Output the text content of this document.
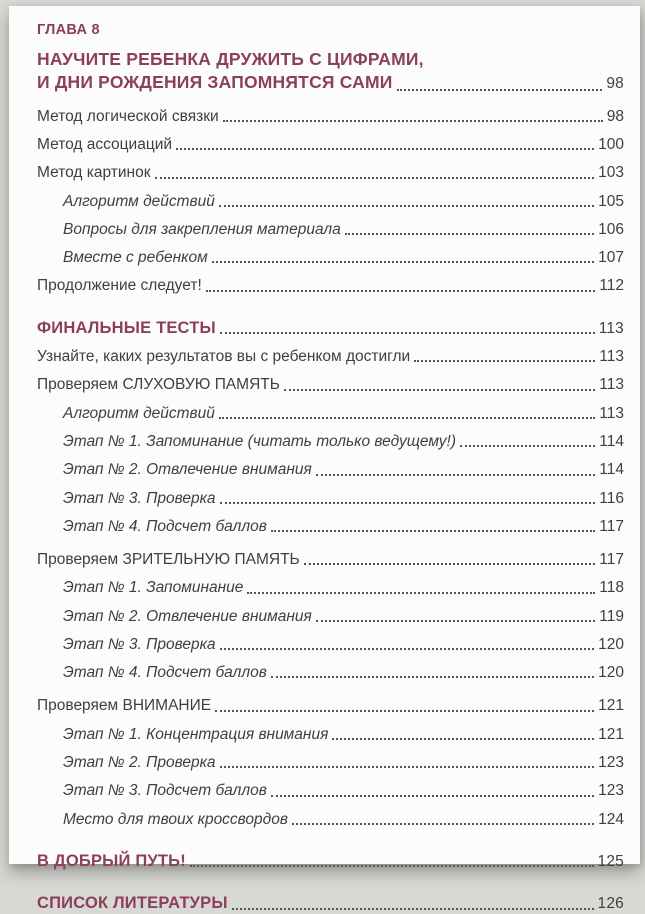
ГЛАВА 8
НАУЧИТЕ РЕБЕНКА ДРУЖИТЬ С ЦИФРАМИ,
И ДНИ РОЖДЕНИЯ ЗАПОМНЯТСЯ САМИ	98
Метод логической связки	98
Метод ассоциаций	100
Метод картинок	103
Алгоритм действий	105
Вопросы для закрепления материала	106
Вместе с ребенком	107
Продолжение следует!	112
ФИНАЛЬНЫЕ ТЕСТЫ	113
Узнайте, каких результатов вы с ребенком достигли	113
Проверяем СЛУХОВУЮ ПАМЯТЬ	113
Алгоритм действий	113
Этап № 1. Запоминание (читать только ведущему!)	114
Этап № 2. Отвлечение внимания	114
Этап № 3. Проверка	116
Этап № 4. Подсчет баллов	117
Проверяем ЗРИТЕЛЬНУЮ ПАМЯТЬ	117
Этап № 1. Запоминание	118
Этап № 2. Отвлечение внимания	119
Этап № 3. Проверка	120
Этап № 4. Подсчет баллов	120
Проверяем ВНИМАНИЕ	121
Этап № 1. Концентрация внимания	121
Этап № 2. Проверка	123
Этап № 3. Подсчет баллов	123
Место для твоих кроссвордов	124
В ДОБРЫЙ ПУТЬ!	125
СПИСОК ЛИТЕРАТУРЫ	126
